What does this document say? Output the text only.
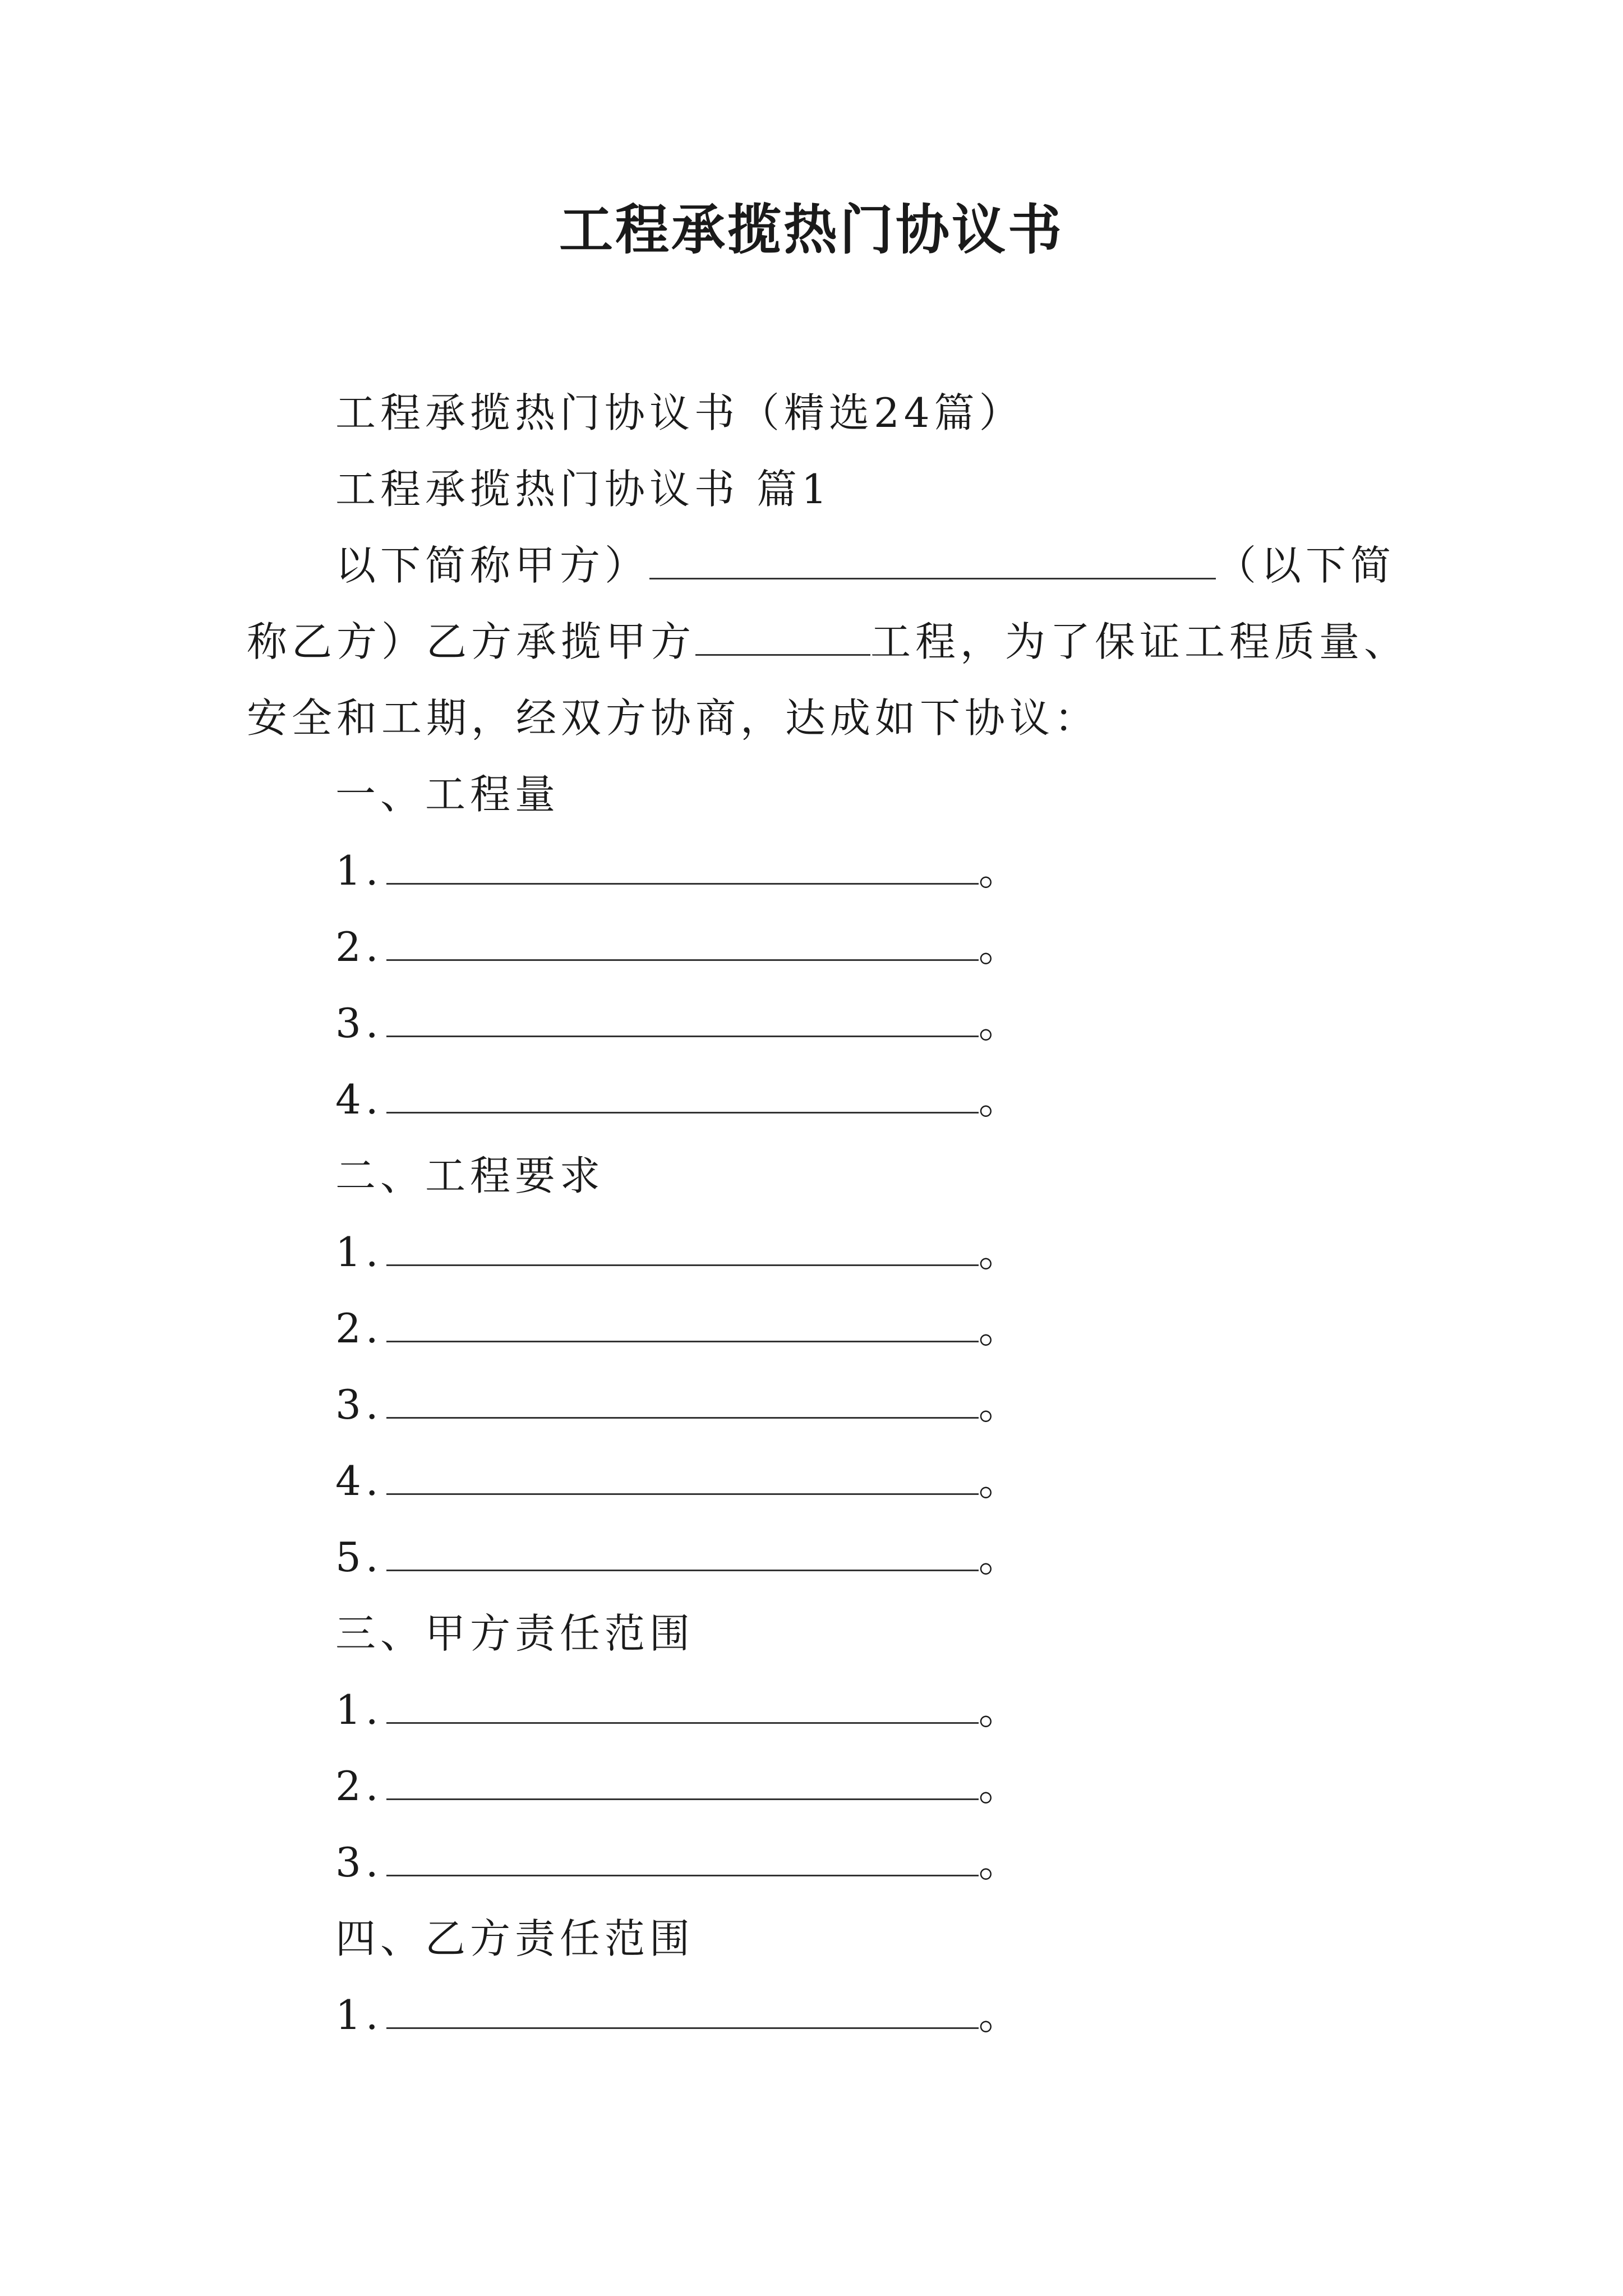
工程承揽热门协议书
工程承揽热门协议书（精选24篇）
工程承揽热门协议书 篇1
以下简称甲方）	（以下简
称乙方）乙方承揽甲方	工程，为了保证工程质量、
安全和工期，经双方协商，达成如下协议：
一、工程量
1.	。
2.	。
3.	。
4.	。
二、工程要求
1.	。
2.	。
3.	。
4.	。
5.	。
三、甲方责任范围
1.	。
2.	。
3.	。
四、乙方责任范围
1.	。
